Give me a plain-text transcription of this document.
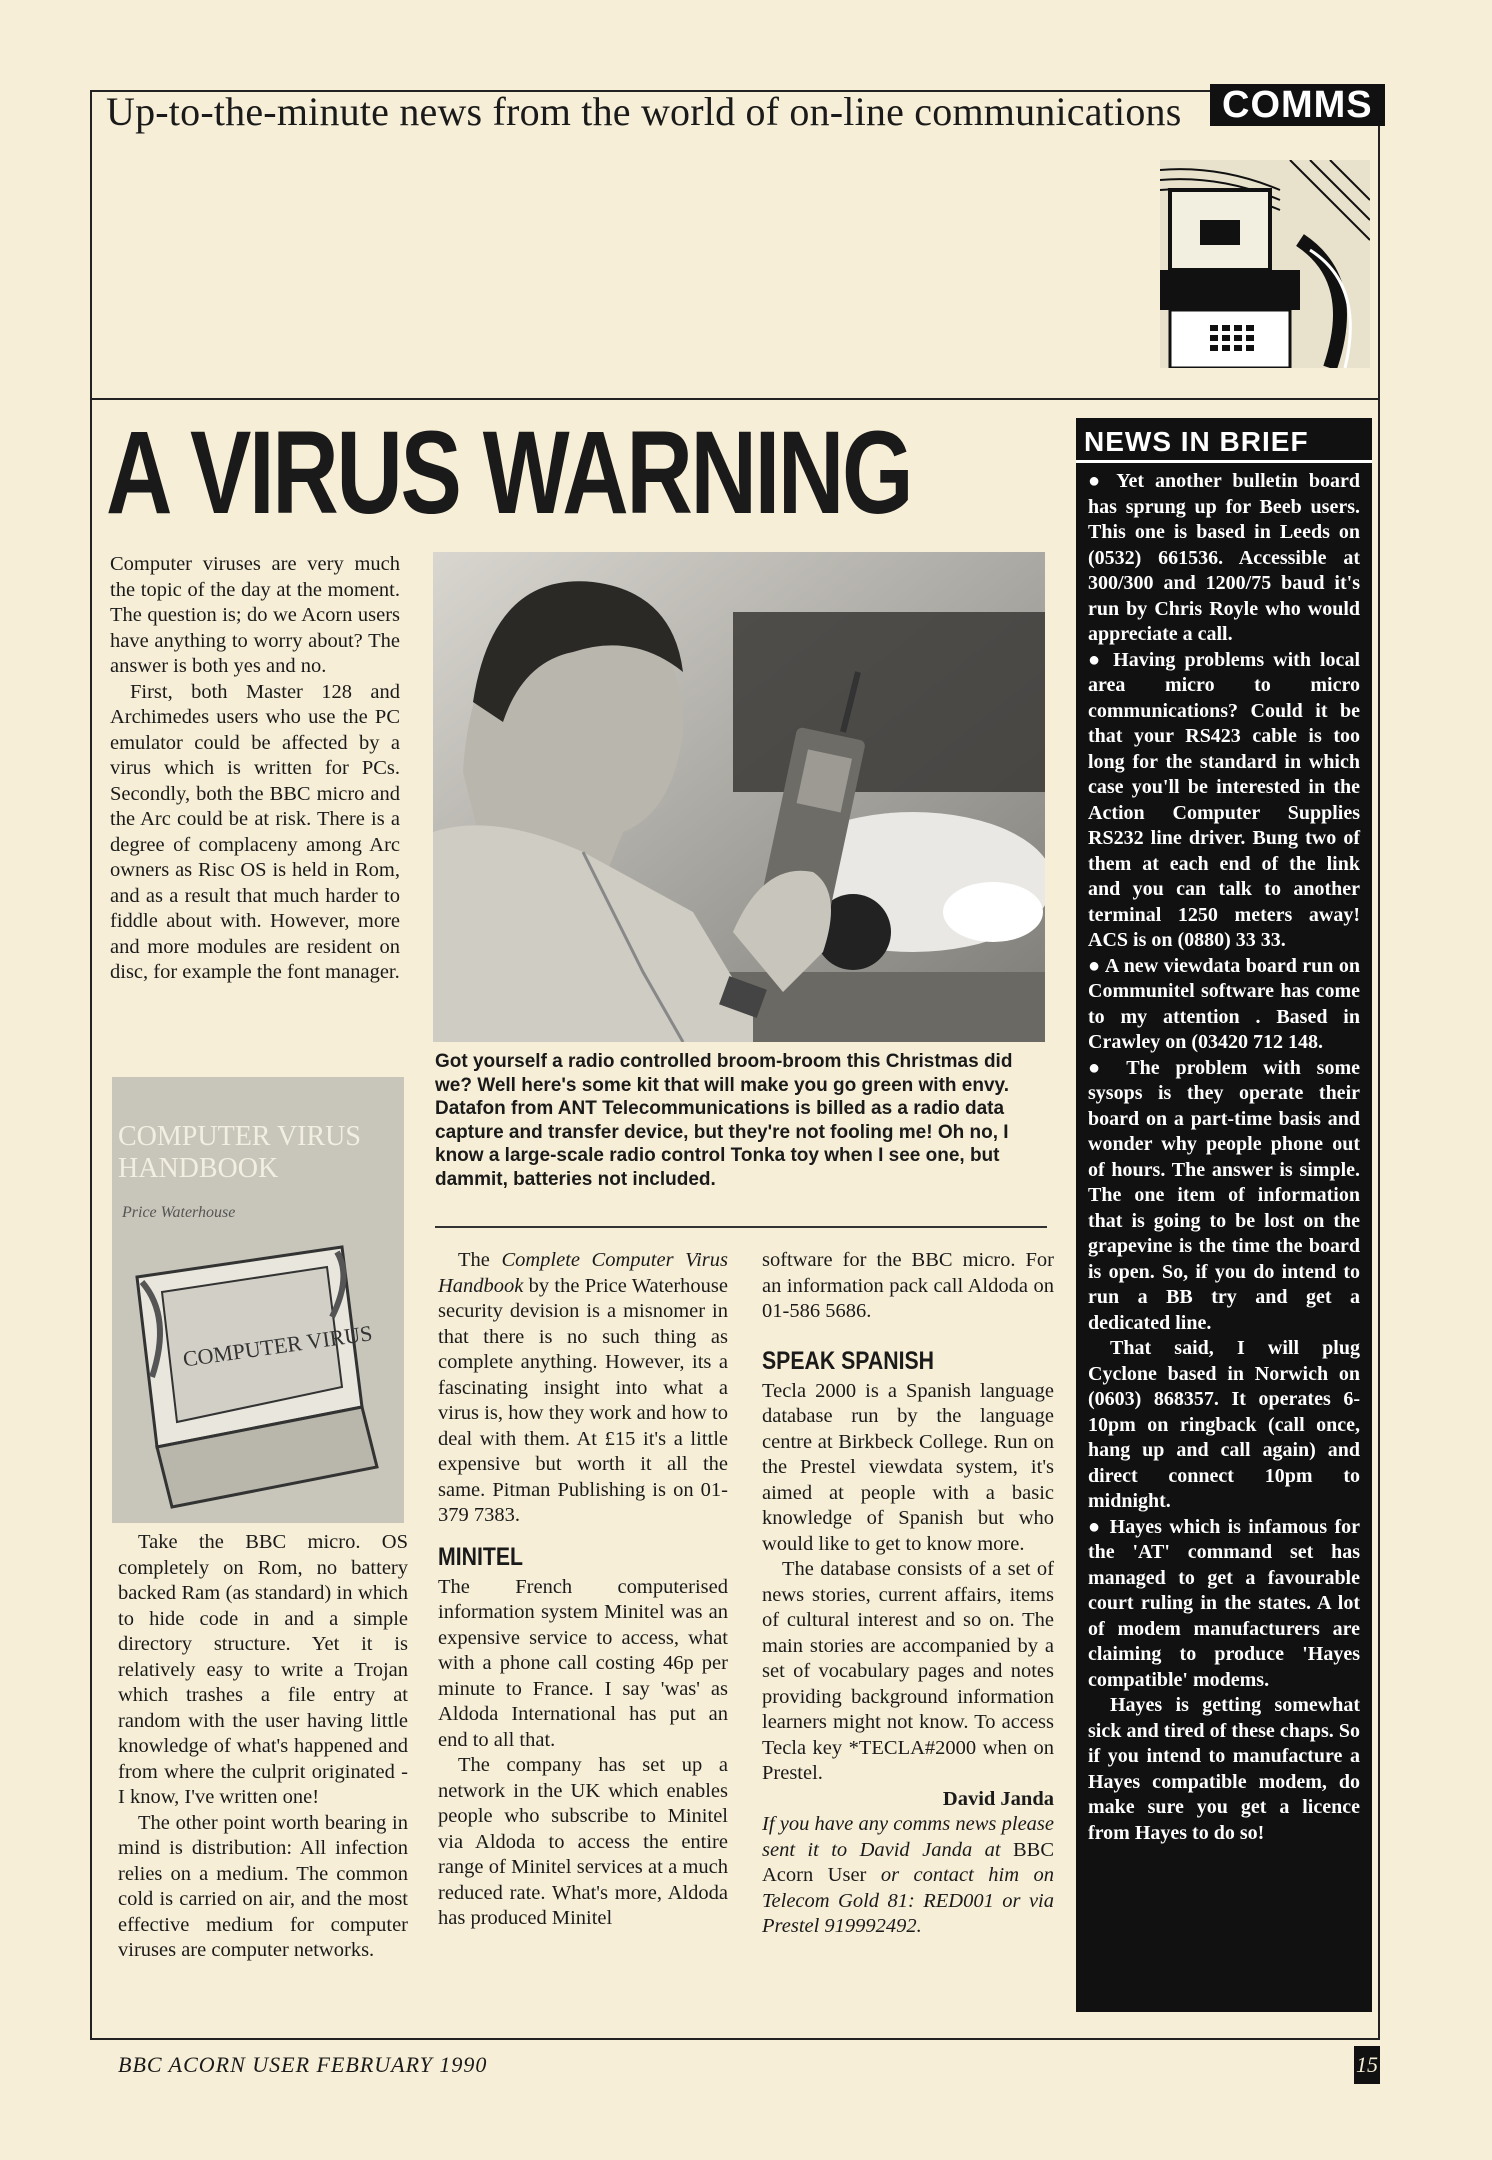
Up-to-the-minute news from the world of on-line communications	COMMS
A VIRUS WARNING

Computer viruses are very much the topic of the day at the moment. The question is; do we Acorn users have anything to worry about? The answer is both yes and no.

First, both Master 128 and Archimedes users who use the PC emulator could be affected by a virus which is written for PCs. Secondly, both the BBC micro and the Arc could be at risk. There is a degree of complaceny among Arc owners as Risc OS is held in Rom, and as a result that much harder to fiddle about with. However, more and more modules are resident on disc, for example the font manager.

COMPUTER VIRUS
HANDBOOK
Price Waterhouse
COMPUTER VIRUS

Take the BBC micro. OS completely on Rom, no battery backed Ram (as standard) in which to hide code in and a simple directory structure. Yet it is relatively easy to write a Trojan which trashes a file entry at random with the user having little knowledge of what's happened and from where the culprit originated - I know, I've written one!

The other point worth bearing in mind is distribution: All infection relies on a medium. The common cold is carried on air, and the most effective medium for computer viruses are computer networks.

Got yourself a radio controlled broom-broom this Christmas did we? Well here's some kit that will make you go green with envy. Datafon from ANT Telecommunications is billed as a radio data capture and transfer device, but they're not fooling me! Oh no, I know a large-scale radio control Tonka toy when I see one, but dammit, batteries not included.

The Complete Computer Virus Handbook by the Price Waterhouse security devision is a misnomer in that there is no such thing as complete anything. However, its a fascinating insight into what a virus is, how they work and how to deal with them. At £15 it's a little expensive but worth it all the same. Pitman Publishing is on 01-379 7383.

MINITEL

The French computerised information system Minitel was an expensive service to access, what with a phone call costing 46p per minute to France. I say 'was' as Aldoda International has put an end to all that.

The company has set up a network in the UK which enables people who subscribe to Minitel via Aldoda to access the entire range of Minitel services at a much reduced rate. What's more, Aldoda has produced Minitel

software for the BBC micro. For an information pack call Aldoda on 01-586 5686.

SPEAK SPANISH

Tecla 2000 is a Spanish language database run by the language centre at Birkbeck College. Run on the Prestel viewdata system, it's aimed at people with a basic knowledge of Spanish but who would like to get to know more.

The database consists of a set of news stories, current affairs, items of cultural interest and so on. The main stories are accompanied by a set of vocabulary pages and notes providing background information learners might not know. To access Tecla key *TECLA#2000 when on Prestel.

David Janda

If you have any comms news please sent it to David Janda at BBC Acorn User or contact him on Telecom Gold 81: RED001 or via Prestel 919992492.

NEWS IN BRIEF

● Yet another bulletin board has sprung up for Beeb users. This one is based in Leeds on (0532) 661536. Accessible at 300/300 and 1200/75 baud it's run by Chris Royle who would appreciate a call.

● Having problems with local area micro to micro communications? Could it be that your RS423 cable is too long for the standard in which case you'll be interested in the Action Computer Supplies RS232 line driver. Bung two of them at each end of the link and you can talk to another terminal 1250 meters away! ACS is on (0880) 33 33.

● A new viewdata board run on Communitel software has come to my attention . Based in Crawley on (03420 712 148.

● The problem with some sysops is they operate their board on a part-time basis and wonder why people phone out of hours. The answer is simple. The one item of information that is going to be lost on the grapevine is the time the board is open. So, if you do intend to run a BB try and get a dedicated line.

That said, I will plug Cyclone based in Norwich on (0603) 868357. It operates 6-10pm on ringback (call once, hang up and call again) and direct connect 10pm to midnight.

● Hayes which is infamous for the 'AT' command set has managed to get a favourable court ruling in the states. A lot of modem manufacturers are claiming to produce 'Hayes compatible' modems.

Hayes is getting somewhat sick and tired of these chaps. So if you intend to manufacture a Hayes compatible modem, do make sure you get a licence from Hayes to do so!

BBC ACORN USER FEBRUARY 1990	15
